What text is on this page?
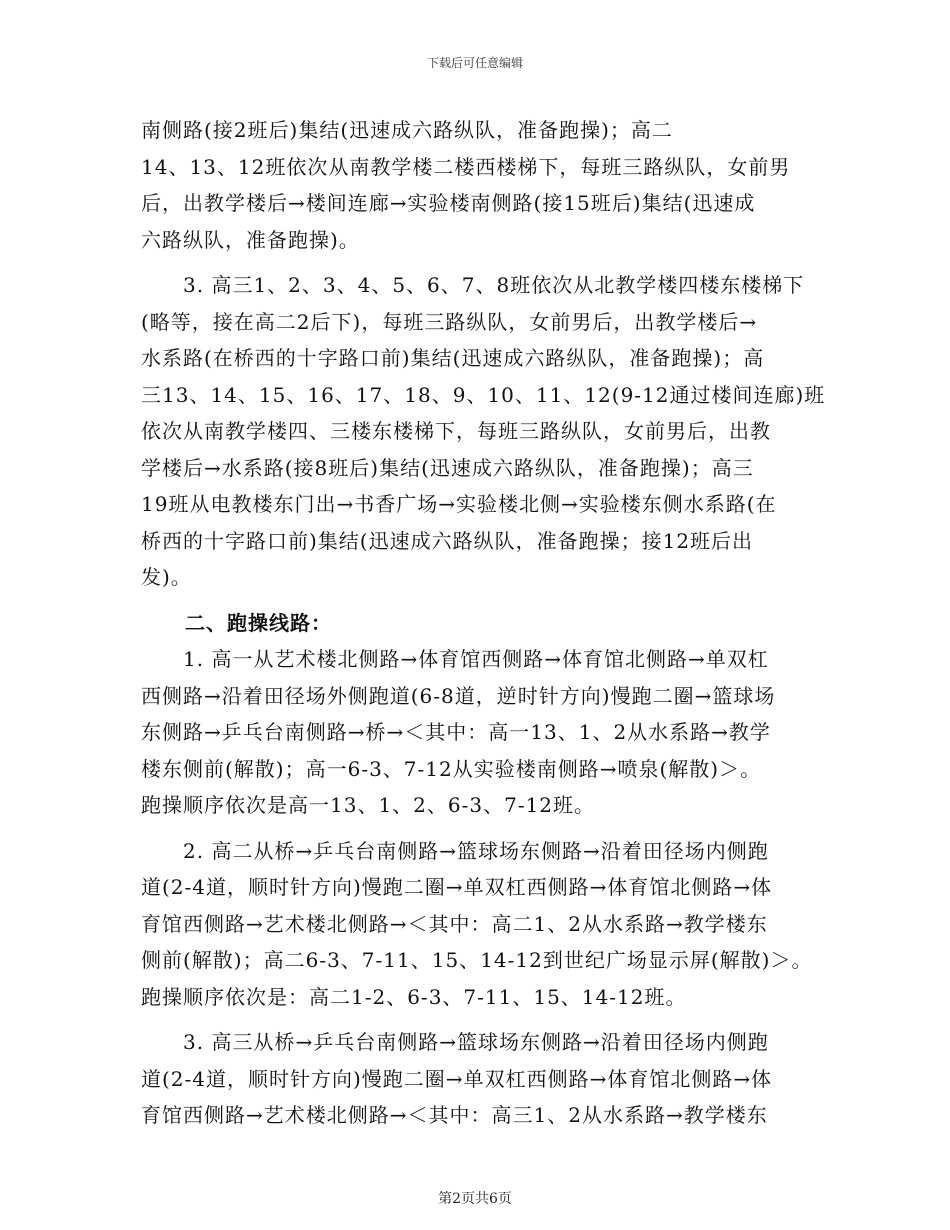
下载后可任意编辑

南侧路(接2班后)集结(迅速成六路纵队，准备跑操)；高二
14、13、12班依次从南教学楼二楼西楼梯下，每班三路纵队，女前男
后，出教学楼后→楼间连廊→实验楼南侧路(接15班后)集结(迅速成
六路纵队，准备跑操)。

　　3. 高三1、2、3、4、5、6、7、8班依次从北教学楼四楼东楼梯下
(略等，接在高二2后下)，每班三路纵队，女前男后，出教学楼后→
水系路(在桥西的十字路口前)集结(迅速成六路纵队，准备跑操)；高
三13、14、15、16、17、18、9、10、11、12(9-12通过楼间连廊)班
依次从南教学楼四、三楼东楼梯下，每班三路纵队，女前男后，出教
学楼后→水系路(接8班后)集结(迅速成六路纵队，准备跑操)；高三
19班从电教楼东门出→书香广场→实验楼北侧→实验楼东侧水系路(在
桥西的十字路口前)集结(迅速成六路纵队，准备跑操；接12班后出
发)。

　　二、跑操线路：

　　1. 高一从艺术楼北侧路→体育馆西侧路→体育馆北侧路→单双杠
西侧路→沿着田径场外侧跑道(6-8道，逆时针方向)慢跑二圈→篮球场
东侧路→乒乓台南侧路→桥→＜其中：高一13、1、2从水系路→教学
楼东侧前(解散)；高一6-3、7-12从实验楼南侧路→喷泉(解散)＞。
跑操顺序依次是高一13、1、2、6-3、7-12班。

　　2. 高二从桥→乒乓台南侧路→篮球场东侧路→沿着田径场内侧跑
道(2-4道，顺时针方向)慢跑二圈→单双杠西侧路→体育馆北侧路→体
育馆西侧路→艺术楼北侧路→＜其中：高二1、2从水系路→教学楼东
侧前(解散)；高二6-3、7-11、15、14-12到世纪广场显示屏(解散)＞。
跑操顺序依次是：高二1-2、6-3、7-11、15、14-12班。

　　3. 高三从桥→乒乓台南侧路→篮球场东侧路→沿着田径场内侧跑
道(2-4道，顺时针方向)慢跑二圈→单双杠西侧路→体育馆北侧路→体
育馆西侧路→艺术楼北侧路→＜其中：高三1、2从水系路→教学楼东

第2页共6页
